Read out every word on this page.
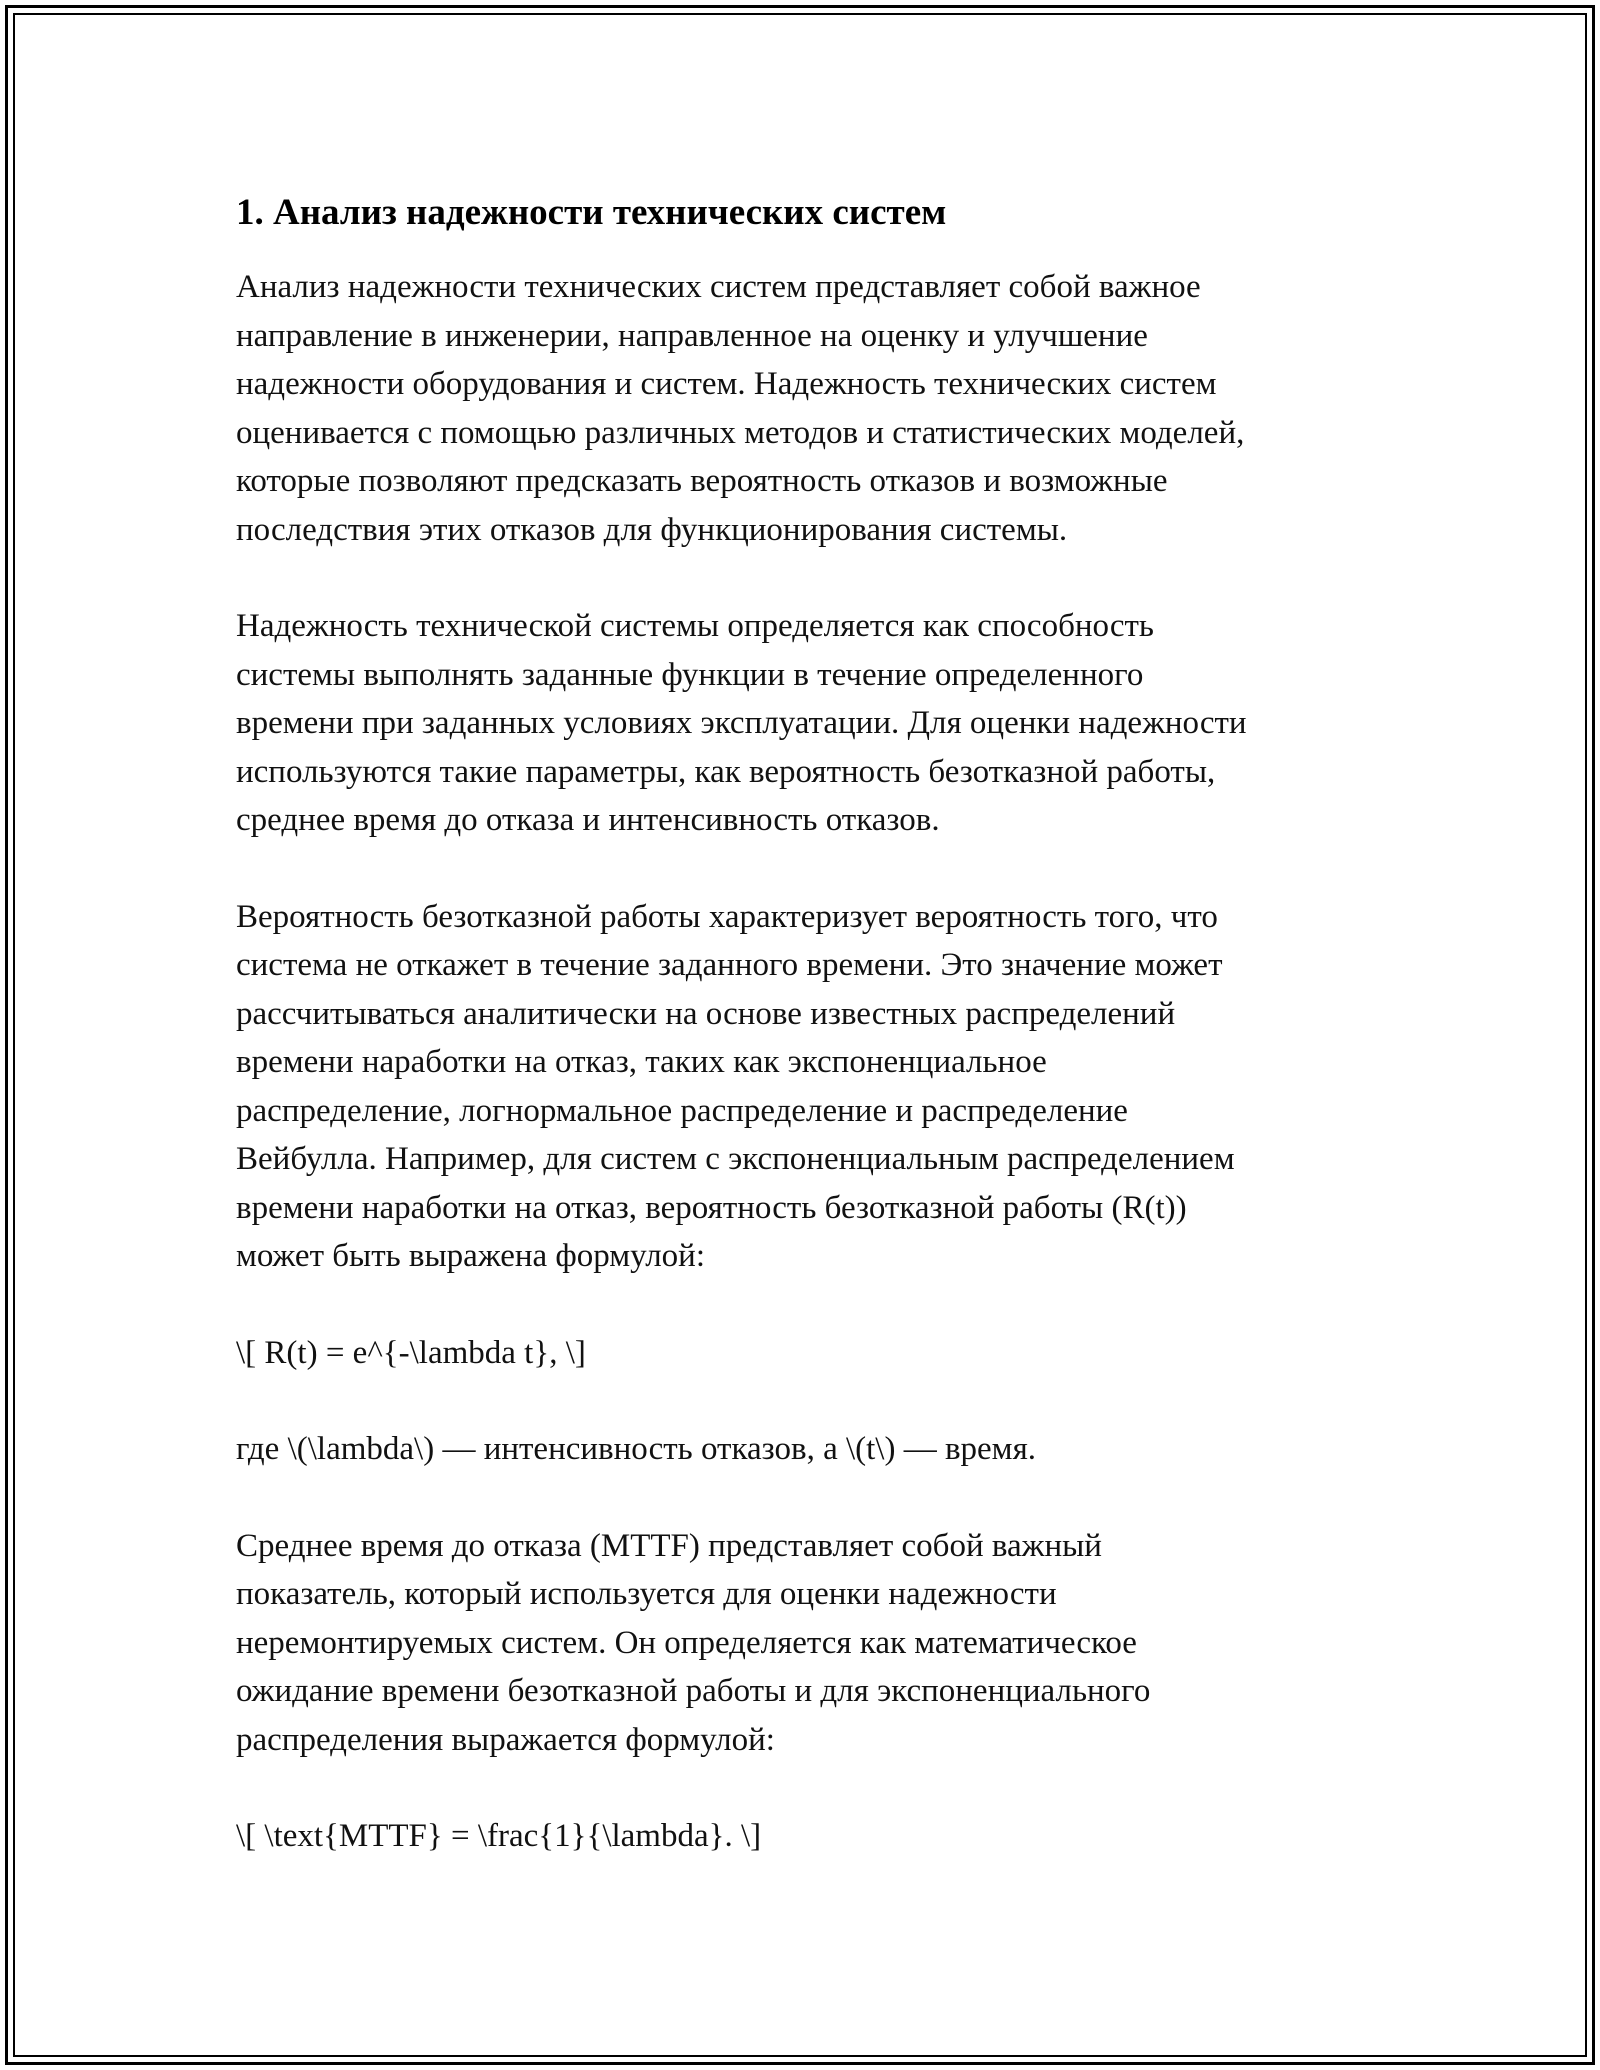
1. Анализ надежности технических систем
Анализ надежности технических систем представляет собой важное
направление в инженерии, направленное на оценку и улучшение
надежности оборудования и систем. Надежность технических систем
оценивается с помощью различных методов и статистических моделей,
которые позволяют предсказать вероятность отказов и возможные
последствия этих отказов для функционирования системы.
Надежность технической системы определяется как способность
системы выполнять заданные функции в течение определенного
времени при заданных условиях эксплуатации. Для оценки надежности
используются такие параметры, как вероятность безотказной работы,
среднее время до отказа и интенсивность отказов.
Вероятность безотказной работы характеризует вероятность того, что
система не откажет в течение заданного времени. Это значение может
рассчитываться аналитически на основе известных распределений
времени наработки на отказ, таких как экспоненциальное
распределение, логнормальное распределение и распределение
Вейбулла. Например, для систем с экспоненциальным распределением
времени наработки на отказ, вероятность безотказной работы (R(t))
может быть выражена формулой:
\[ R(t) = e^{-\lambda t}, \]
где \(\lambda\) — интенсивность отказов, а \(t\) — время.
Среднее время до отказа (MTTF) представляет собой важный
показатель, который используется для оценки надежности
неремонтируемых систем. Он определяется как математическое
ожидание времени безотказной работы и для экспоненциального
распределения выражается формулой:
\[ \text{MTTF} = \frac{1}{\lambda}. \]
